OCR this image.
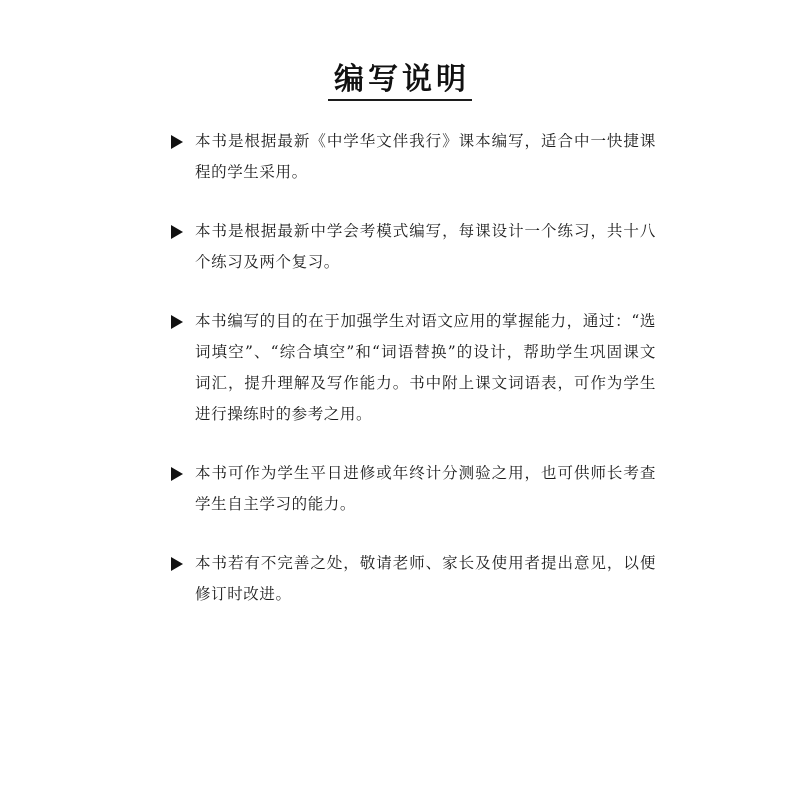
编写说明
本书是根据最新《中学华文伴我行》课本编写，适合中一快捷课程的学生采用。
本书是根据最新中学会考模式编写，每课设计一个练习，共十八个练习及两个复习。
本书编写的目的在于加强学生对语文应用的掌握能力，通过：“选词填空”、“综合填空”和“词语替换”的设计，帮助学生巩固课文词汇，提升理解及写作能力。书中附上课文词语表，可作为学生进行操练时的参考之用。
本书可作为学生平日进修或年终计分测验之用，也可供师长考查学生自主学习的能力。
本书若有不完善之处，敬请老师、家长及使用者提出意见，以便修订时改进。
